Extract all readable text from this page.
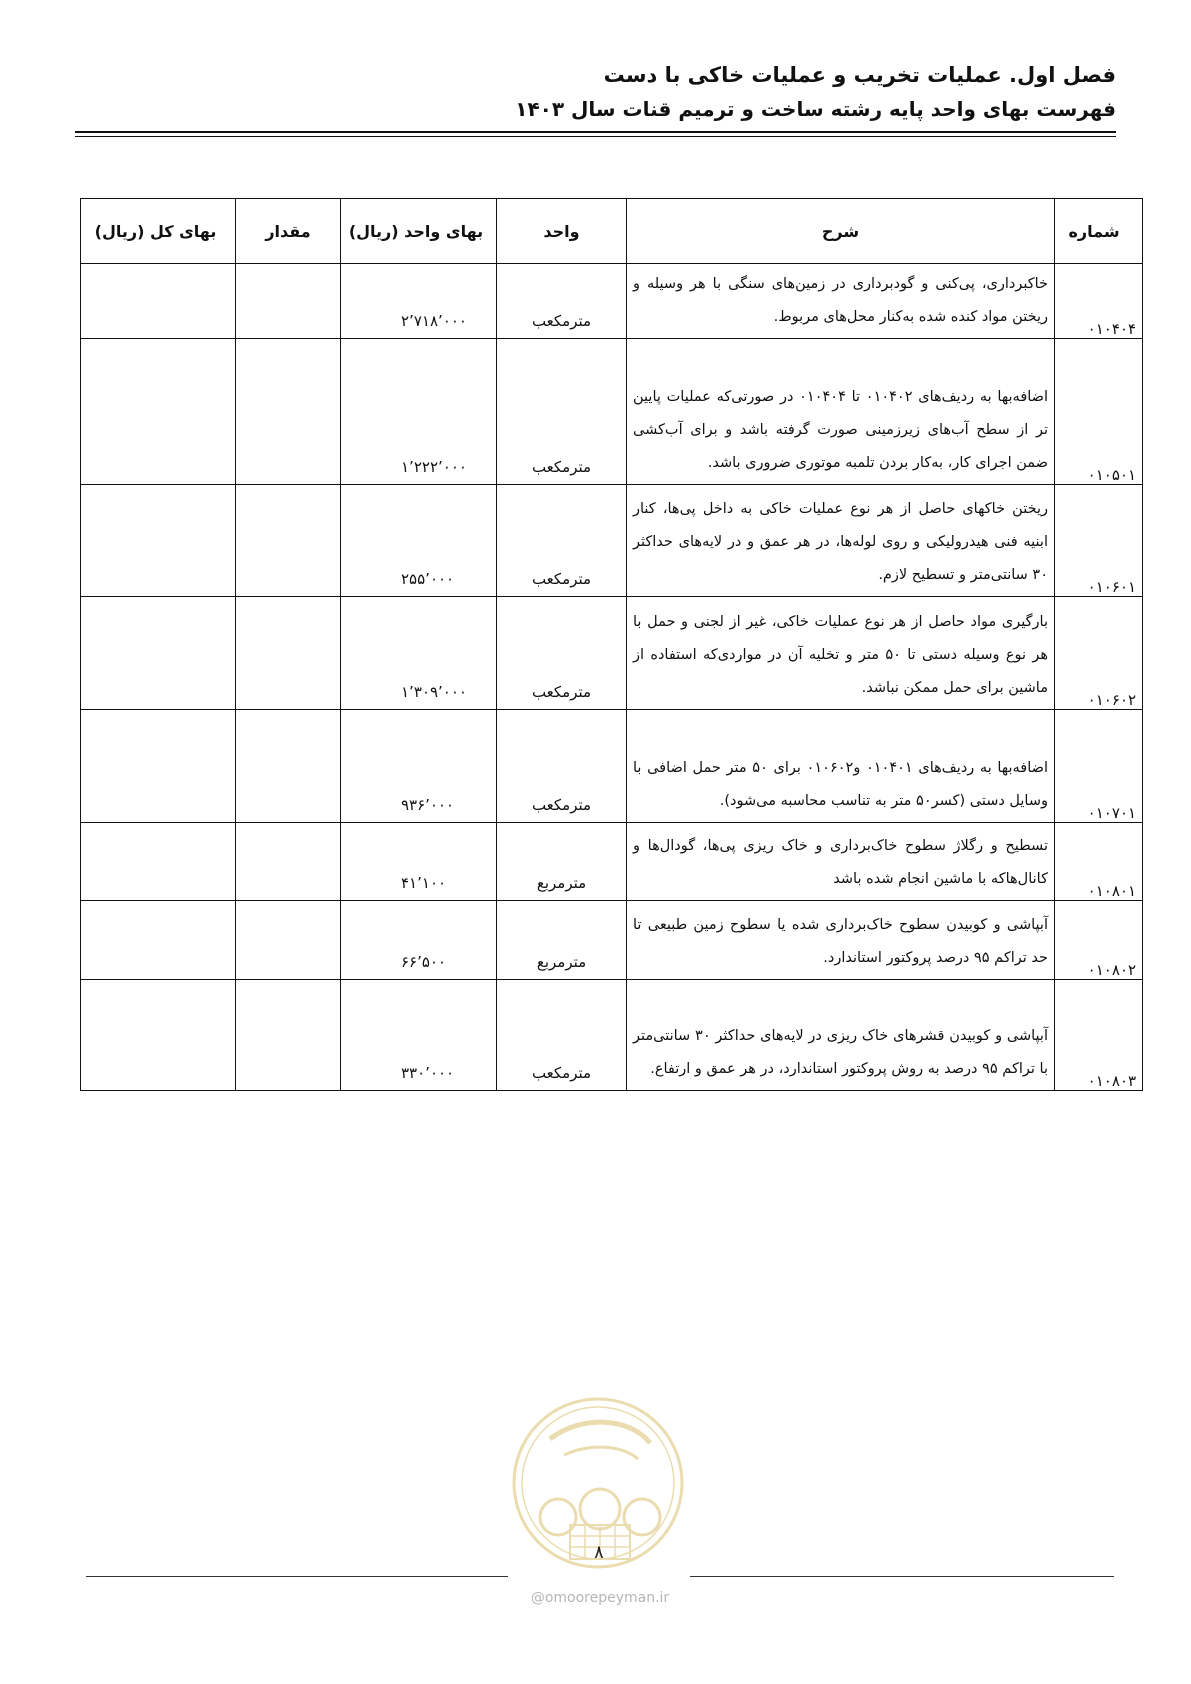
فصل اول. عملیات تخریب و عملیات خاکی با دست
فهرست بهای واحد پایه رشته ساخت و ترمیم قنات سال ۱۴۰۳
شماره	شرح	واحد	بهای واحد (ریال)	مقدار	بهای کل (ریال)
۰۱۰۴۰۴	خاکبرداری، پی‌کنی و گودبرداری در زمین‌های سنگی با هر وسیله و ریختن مواد کنده شده به‌کنار محل‌های مربوط.	مترمکعب	۲٬۷۱۸٬۰۰۰		
۰۱۰۵۰۱	اضافه‌بها به ردیف‌های ۰۱۰۴۰۲ تا ۰۱۰۴۰۴ در صورتی‌که عملیات پایین تر از سطح آب‌های زیرزمینی صورت گرفته باشد و برای آب‌کشی ضمن اجرای کار، به‌کار بردن تلمبه موتوری ضروری باشد.	مترمکعب	۱٬۲۲۲٬۰۰۰		
۰۱۰۶۰۱	ریختن خاکهای حاصل از هر نوع عملیات خاکی به داخل پی‌ها، کنار ابنیه فنی هیدرولیکی و روی لوله‌ها، در هر عمق و در لایه‌های حداکثر ۳۰ سانتی‌متر و تسطیح لازم.	مترمکعب	۲۵۵٬۰۰۰		
۰۱۰۶۰۲	بارگیری مواد حاصل از هر نوع عملیات خاکی، غیر از لجنی و حمل با هر نوع وسیله دستی تا ۵۰ متر و تخلیه آن در مواردی‌که استفاده از ماشین برای حمل ممکن نباشد.	مترمکعب	۱٬۳۰۹٬۰۰۰		
۰۱۰۷۰۱	اضافه‌بها به ردیف‌های ۰۱۰۴۰۱ و۰۱۰۶۰۲ برای ۵۰ متر حمل اضافی با وسایل دستی (کسر۵۰ متر به تناسب محاسبه می‌شود).	مترمکعب	۹۳۶٬۰۰۰		
۰۱۰۸۰۱	تسطیح و رگلاژ سطوح خاک‌برداری و خاک ریزی پی‌ها، گودال‌ها و کانال‌هاکه با ماشین انجام شده باشد	مترمربع	۴۱٬۱۰۰		
۰۱۰۸۰۲	آبپاشی و کوبیدن سطوح خاک‌برداری شده یا سطوح زمین طبیعی تا حد تراکم ۹۵ درصد پروکتور استاندارد.	مترمربع	۶۶٬۵۰۰		
۰۱۰۸۰۳	آبپاشی و کوبیدن قشرهای خاک ریزی در لایه‌های حداکثر ۳۰ سانتی‌متر با تراکم ۹۵ درصد به روش پروکتور استاندارد، در هر عمق و ارتفاع.	مترمکعب	۳۳۰٬۰۰۰		
۸
@omoorepeyman.ir
